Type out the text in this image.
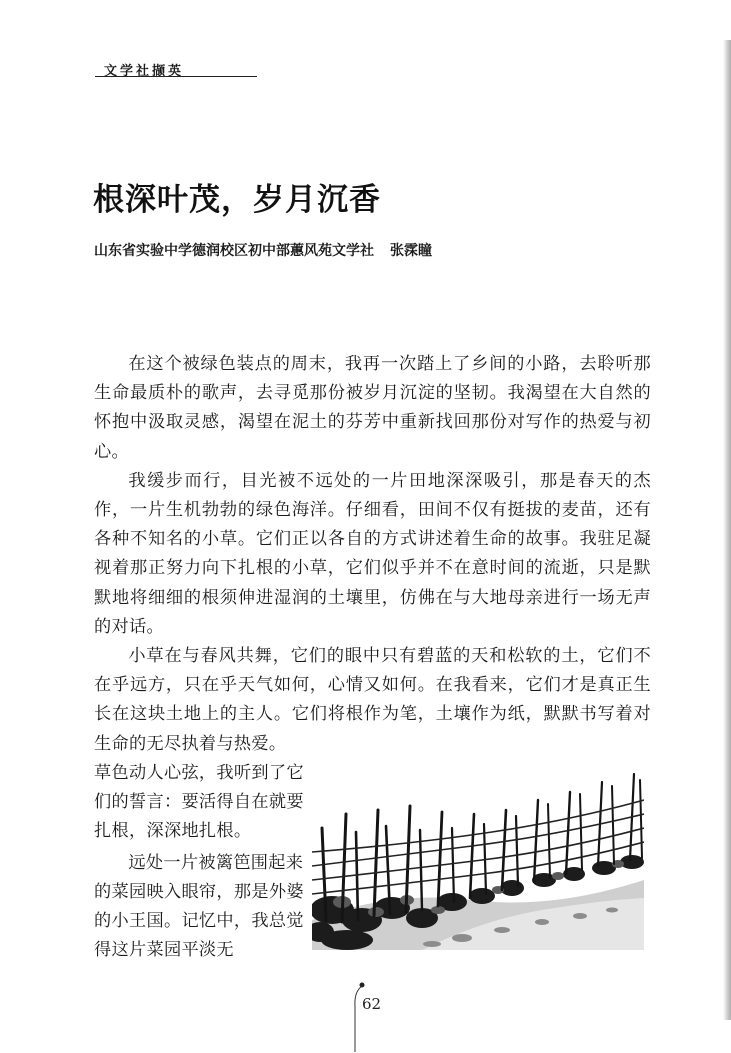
文学社撷英
根深叶茂，岁月沉香
山东省实验中学德润校区初中部蕙风苑文学社 张霂瞳

在这个被绿色装点的周末，我再一次踏上了乡间的小路，去聆听那生命最质朴的歌声，去寻觅那份被岁月沉淀的坚韧。我渴望在大自然的怀抱中汲取灵感，渴望在泥土的芬芳中重新找回那份对写作的热爱与初心。

我缓步而行，目光被不远处的一片田地深深吸引，那是春天的杰作，一片生机勃勃的绿色海洋。仔细看，田间不仅有挺拔的麦苗，还有各种不知名的小草。它们正以各自的方式讲述着生命的故事。我驻足凝视着那正努力向下扎根的小草，它们似乎并不在意时间的流逝，只是默默地将细细的根须伸进湿润的土壤里，仿佛在与大地母亲进行一场无声的对话。

小草在与春风共舞，它们的眼中只有碧蓝的天和松软的土，它们不在乎远方，只在乎天气如何，心情又如何。在我看来，它们才是真正生长在这块土地上的主人。它们将根作为笔，土壤作为纸，默默书写着对生命的无尽执着与热爱。

草色动人心弦，我听到了它们的誓言：要活得自在就要扎根，深深地扎根。

远处一片被篱笆围起来的菜园映入眼帘，那是外婆的小王国。记忆中，我总觉得这片菜园平淡无

62
